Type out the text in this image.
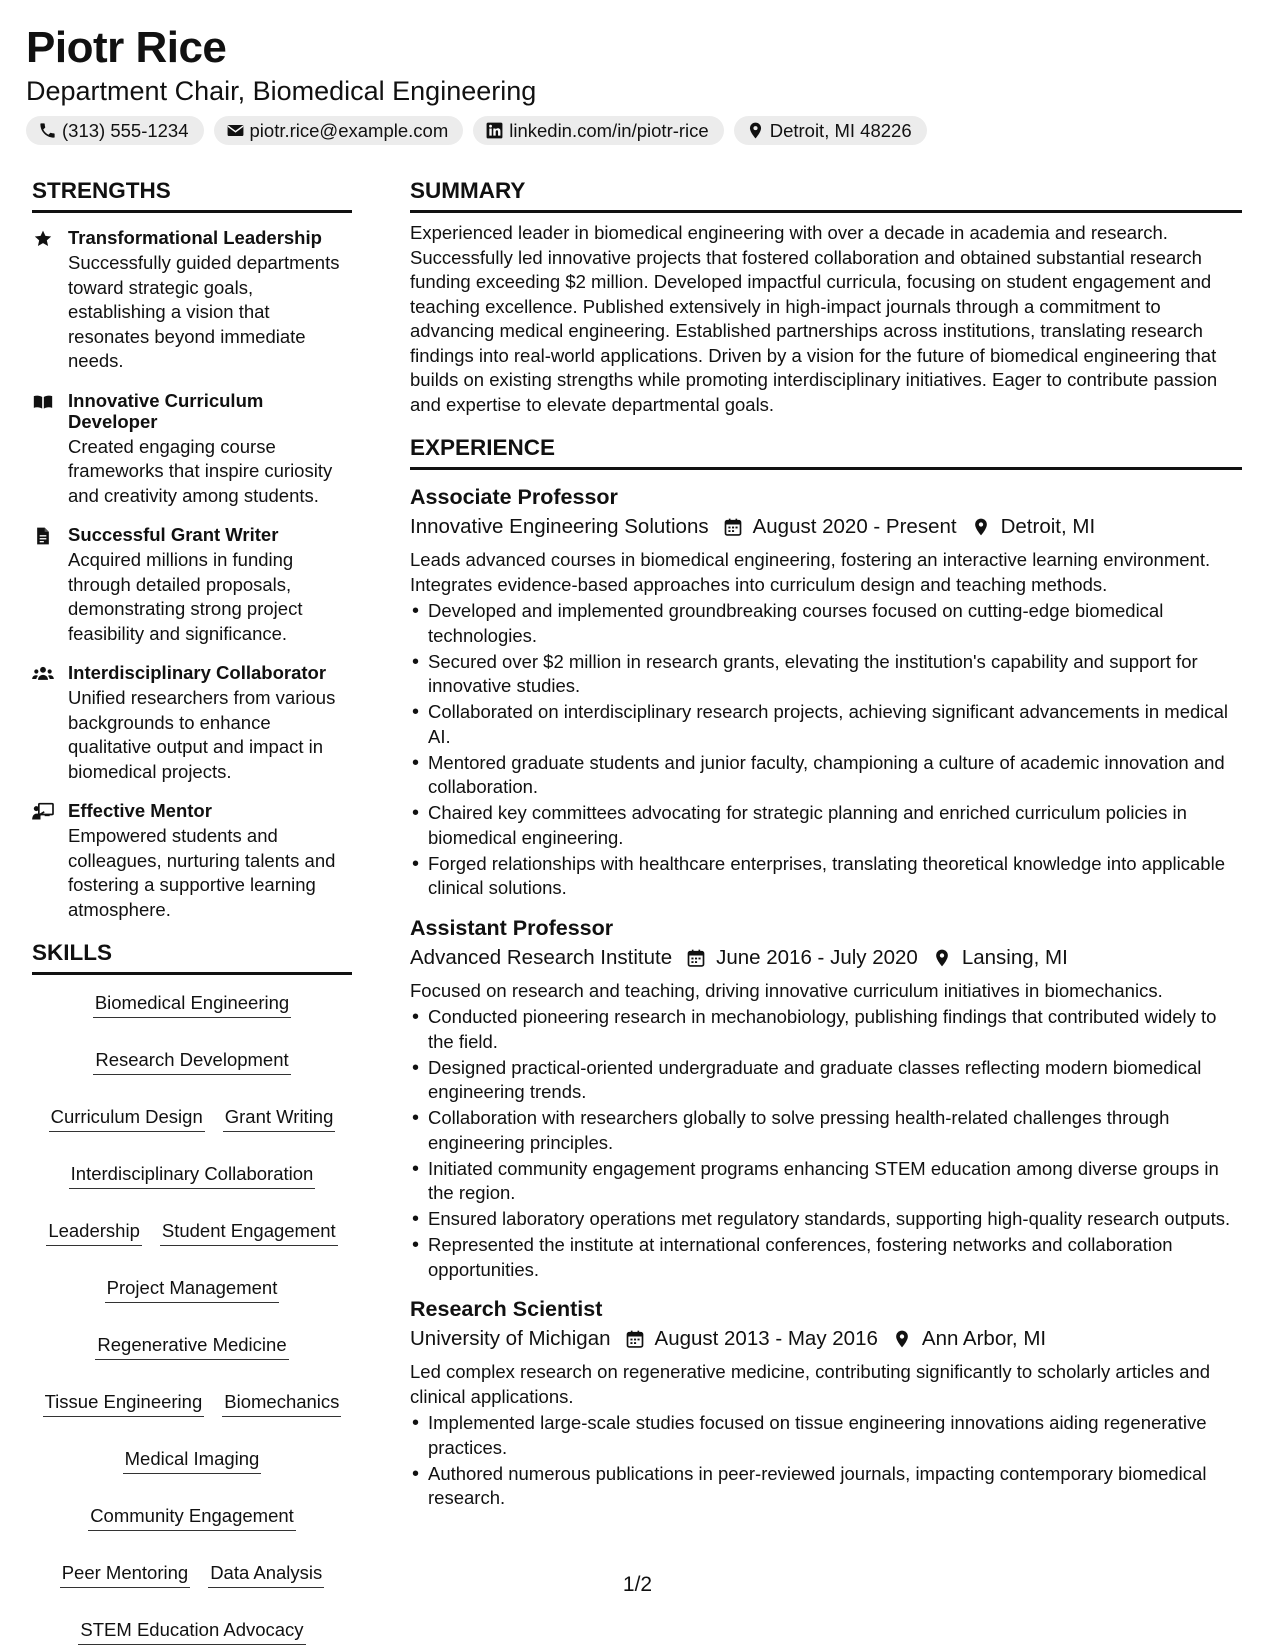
Piotr Rice
Department Chair, Biomedical Engineering
(313) 555-1234	piotr.rice@example.com	linkedin.com/in/piotr-rice	Detroit, MI 48226
STRENGTHS
Transformational Leadership
Successfully guided departments toward strategic goals, establishing a vision that resonates beyond immediate needs.
Innovative Curriculum Developer
Created engaging course frameworks that inspire curiosity and creativity among students.
Successful Grant Writer
Acquired millions in funding through detailed proposals, demonstrating strong project feasibility and significance.
Interdisciplinary Collaborator
Unified researchers from various backgrounds to enhance qualitative output and impact in biomedical projects.
Effective Mentor
Empowered students and colleagues, nurturing talents and fostering a supportive learning atmosphere.
SKILLS
Biomedical Engineering
Research Development
Curriculum Design Grant Writing
Interdisciplinary Collaboration
Leadership Student Engagement
Project Management
Regenerative Medicine
Tissue Engineering Biomechanics
Medical Imaging
Community Engagement
Peer Mentoring Data Analysis
STEM Education Advocacy
SUMMARY
Experienced leader in biomedical engineering with over a decade in academia and research. Successfully led innovative projects that fostered collaboration and obtained substantial research funding exceeding $2 million. Developed impactful curricula, focusing on student engagement and teaching excellence. Published extensively in high-impact journals through a commitment to advancing medical engineering. Established partnerships across institutions, translating research findings into real-world applications. Driven by a vision for the future of biomedical engineering that builds on existing strengths while promoting interdisciplinary initiatives. Eager to contribute passion and expertise to elevate departmental goals.
EXPERIENCE
Associate Professor
Innovative Engineering Solutions August 2020 - Present Detroit, MI
Leads advanced courses in biomedical engineering, fostering an interactive learning environment. Integrates evidence-based approaches into curriculum design and teaching methods.
•
Developed and implemented groundbreaking courses focused on cutting-edge biomedical technologies.
•
Secured over $2 million in research grants, elevating the institution's capability and support for innovative studies.
•
Collaborated on interdisciplinary research projects, achieving significant advancements in medical AI.
•
Mentored graduate students and junior faculty, championing a culture of academic innovation and collaboration.
•
Chaired key committees advocating for strategic planning and enriched curriculum policies in biomedical engineering.
•
Forged relationships with healthcare enterprises, translating theoretical knowledge into applicable clinical solutions.
Assistant Professor
Advanced Research Institute June 2016 - July 2020 Lansing, MI
Focused on research and teaching, driving innovative curriculum initiatives in biomechanics.
•
Conducted pioneering research in mechanobiology, publishing findings that contributed widely to the field.
•
Designed practical-oriented undergraduate and graduate classes reflecting modern biomedical engineering trends.
•
Collaboration with researchers globally to solve pressing health-related challenges through engineering principles.
•
Initiated community engagement programs enhancing STEM education among diverse groups in the region.
•
Ensured laboratory operations met regulatory standards, supporting high-quality research outputs.
•
Represented the institute at international conferences, fostering networks and collaboration opportunities.
Research Scientist
University of Michigan August 2013 - May 2016 Ann Arbor, MI
Led complex research on regenerative medicine, contributing significantly to scholarly articles and clinical applications.
•
Implemented large-scale studies focused on tissue engineering innovations aiding regenerative practices.
•
Authored numerous publications in peer-reviewed journals, impacting contemporary biomedical research.
1/2
